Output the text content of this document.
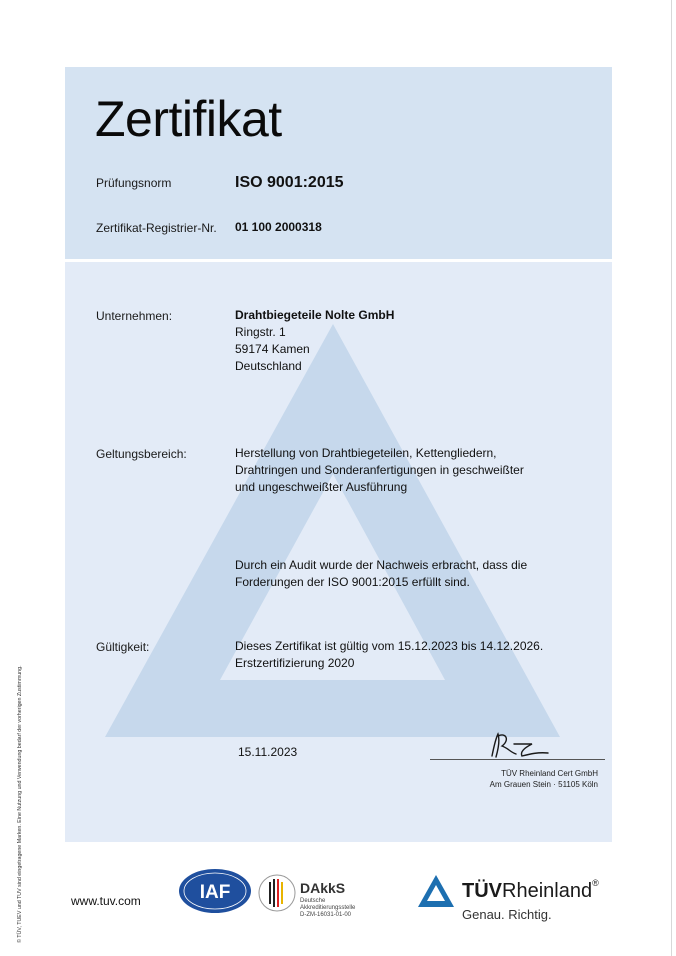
Zertifikat
Prüfungsnorm	ISO 9001:2015
Zertifikat-Registrier-Nr. 01 100 2000318
Unternehmen:	Drahtbiegeteile Nolte GmbH
Ringstr. 1
59174 Kamen
Deutschland
Geltungsbereich:	Herstellung von Drahtbiegeteilen, Kettengliedern,
Drahtringen und Sonderanfertigungen in geschweißter
und ungeschweißter Ausführung
Durch ein Audit wurde der Nachweis erbracht, dass die
Forderungen der ISO 9001:2015 erfüllt sind.
Gültigkeit:	Dieses Zertifikat ist gültig vom 15.12.2023 bis 14.12.2026.
Erstzertifizierung 2020
15.11.2023
TÜV Rheinland Cert GmbH
Am Grauen Stein · 51105 Köln
© TÜV, TUEV und TUV sind eingetragene Marken. Eine Nutzung und Verwendung bedarf der vorherigen Zustimmung.	www.tuv.com	IAF	DAkkS
Deutsche
Akkreditierungsstelle
D-ZM-16031-01-00
TÜVRheinland®
Genau. Richtig.
